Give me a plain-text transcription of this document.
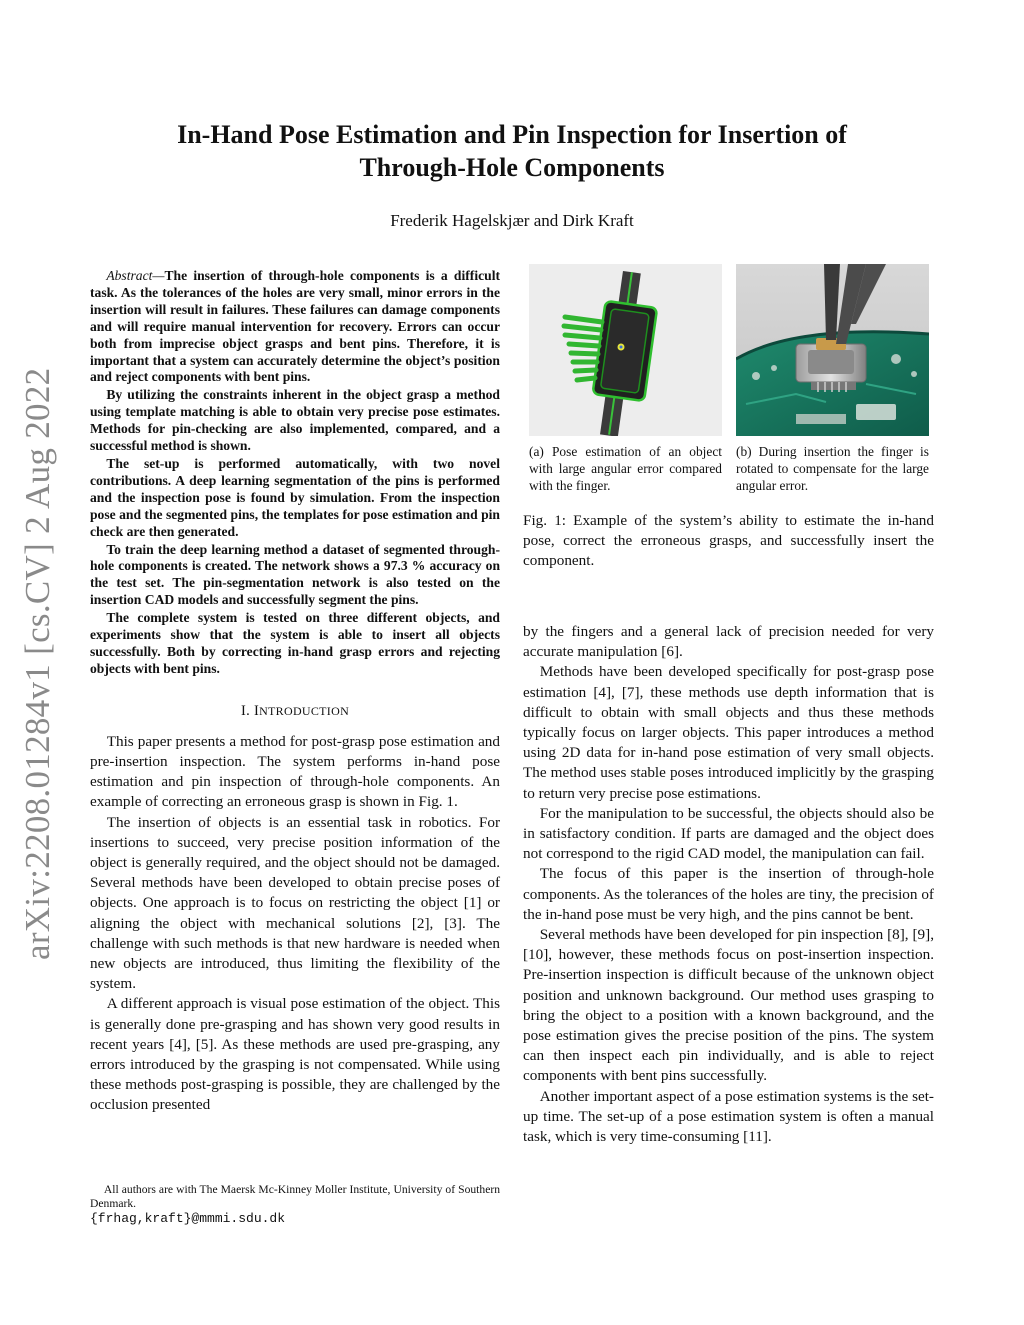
arXiv:2208.01284v1 [cs.CV] 2 Aug 2022
In-Hand Pose Estimation and Pin Inspection for Insertion of
Through-Hole Components
Frederik Hagelskjær and Dirk Kraft

Abstract—The insertion of through-hole components is a difficult task. As the tolerances of the holes are very small, minor errors in the insertion will result in failures. These failures can damage components and will require manual intervention for recovery. Errors can occur both from imprecise object grasps and bent pins. Therefore, it is important that a system can accurately determine the object’s position and reject components with bent pins.

By utilizing the constraints inherent in the object grasp a method using template matching is able to obtain very precise pose estimates. Methods for pin-checking are also implemented, compared, and a successful method is shown.

The set-up is performed automatically, with two novel contributions. A deep learning segmentation of the pins is performed and the inspection pose is found by simulation. From the inspection pose and the segmented pins, the templates for pose estimation and pin check are then generated.

To train the deep learning method a dataset of segmented through-hole components is created. The network shows a 97.3 % accuracy on the test set. The pin-segmentation network is also tested on the insertion CAD models and successfully segment the pins.

The complete system is tested on three different objects, and experiments show that the system is able to insert all objects successfully. Both by correcting in-hand grasp errors and rejecting objects with bent pins.

I. INTRODUCTION

This paper presents a method for post-grasp pose estimation and pre-insertion inspection. The system performs in-hand pose estimation and pin inspection of through-hole components. An example of correcting an erroneous grasp is shown in Fig. 1.

The insertion of objects is an essential task in robotics. For insertions to succeed, very precise position information of the object is generally required, and the object should not be damaged. Several methods have been developed to obtain precise poses of objects. One approach is to focus on restricting the object [1] or aligning the object with mechanical solutions [2], [3]. The challenge with such methods is that new hardware is needed when new objects are introduced, thus limiting the flexibility of the system.

A different approach is visual pose estimation of the object. This is generally done pre-grasping and has shown very good results in recent years [4], [5]. As these methods are used pre-grasping, any errors introduced by the grasping is not compensated. While using these methods post-grasping is possible, they are challenged by the occlusion presented

All authors are with The Maersk Mc-Kinney Moller Institute, University of Southern Denmark.

{frhag,kraft}@mmmi.sdu.dk

(a) Pose estimation of an object with large angular error compared with the finger.
(b) During insertion the finger is rotated to compensate for the large angular error.
Fig. 1: Example of the system’s ability to estimate the in-hand pose, correct the erroneous grasps, and successfully insert the component.

by the fingers and a general lack of precision needed for very accurate manipulation [6].

Methods have been developed specifically for post-grasp pose estimation [4], [7], these methods use depth information that is difficult to obtain with small objects and thus these methods typically focus on larger objects. This paper introduces a method using 2D data for in-hand pose estimation of very small objects. The method uses stable poses introduced implicitly by the grasping to return very precise pose estimations.

For the manipulation to be successful, the objects should also be in satisfactory condition. If parts are damaged and the object does not correspond to the rigid CAD model, the manipulation can fail.

The focus of this paper is the insertion of through-hole components. As the tolerances of the holes are tiny, the precision of the in-hand pose must be very high, and the pins cannot be bent.

Several methods have been developed for pin inspection [8], [9], [10], however, these methods focus on post-insertion inspection. Pre-insertion inspection is difficult because of the unknown object position and unknown background. Our method uses grasping to bring the object to a position with a known background, and the pose estimation gives the precise position of the pins. The system can then inspect each pin individually, and is able to reject components with bent pins successfully.

Another important aspect of a pose estimation systems is the set-up time. The set-up of a pose estimation system is often a manual task, which is very time-consuming [11].
